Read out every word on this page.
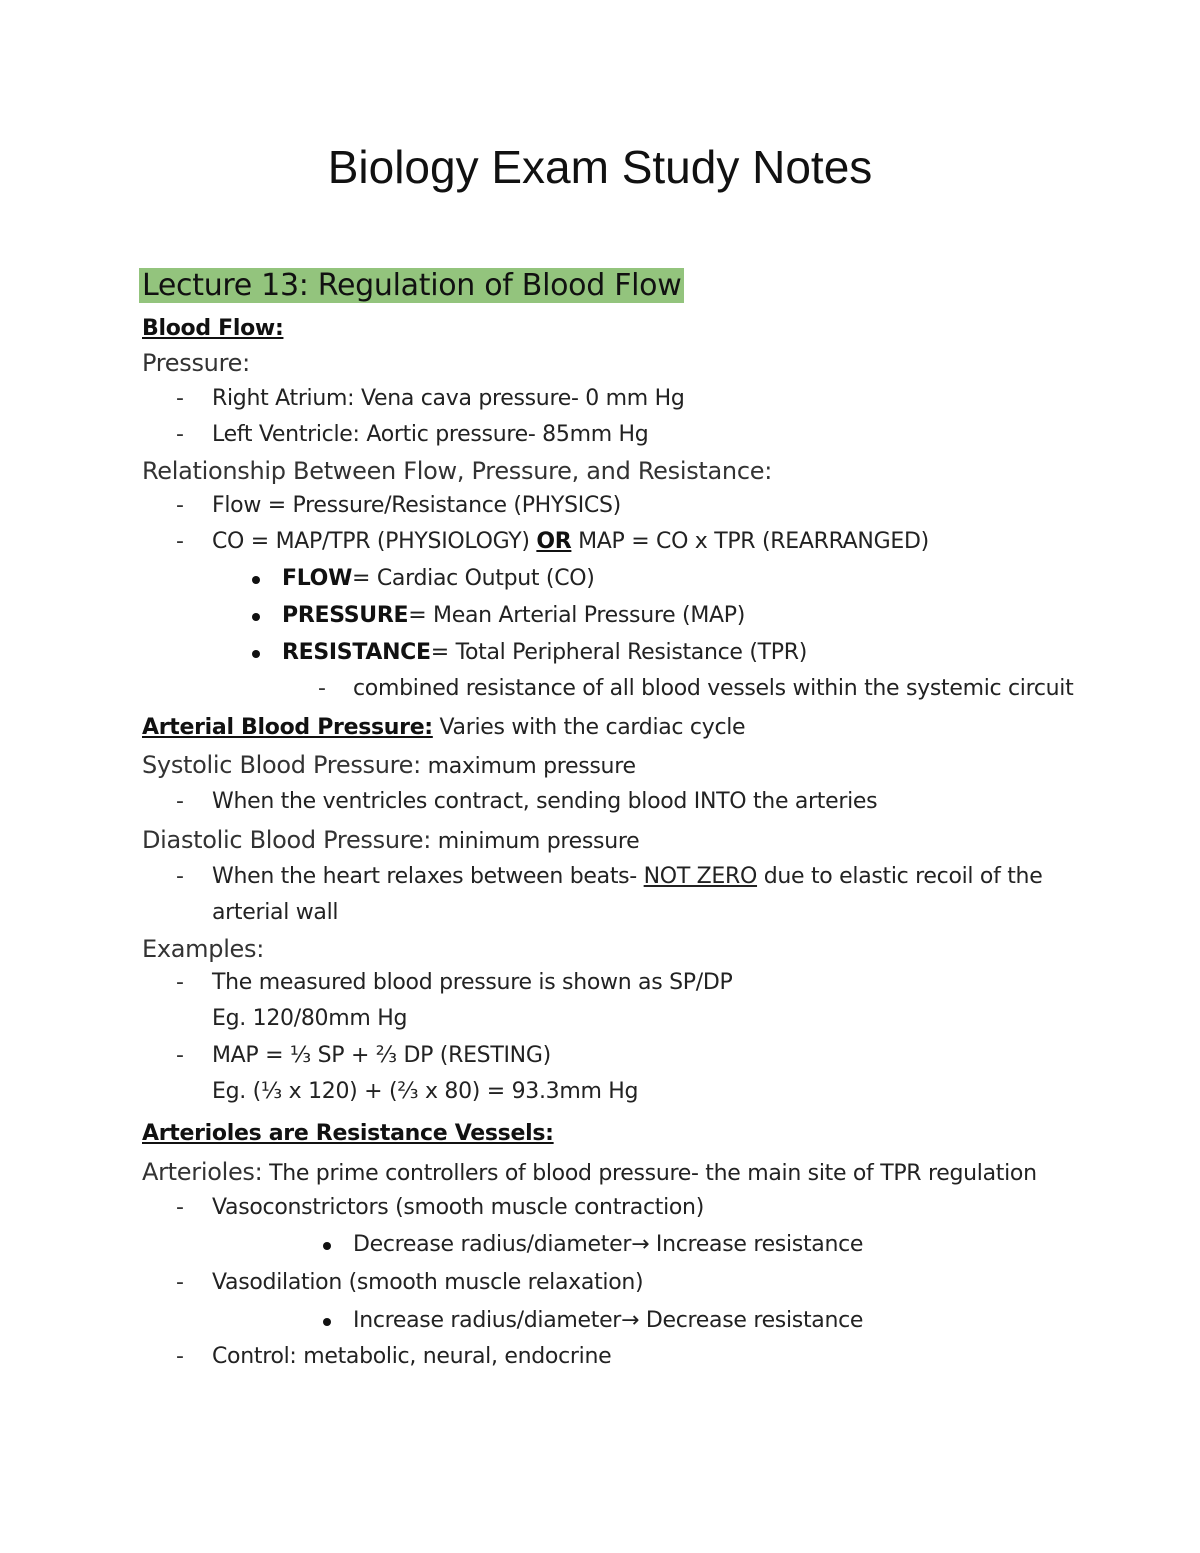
Biology Exam Study Notes
Lecture 13: Regulation of Blood Flow
Blood Flow:
Pressure:
- Right Atrium: Vena cava pressure- 0 mm Hg
- Left Ventricle: Aortic pressure- 85mm Hg
Relationship Between Flow, Pressure, and Resistance:
- Flow = Pressure/Resistance (PHYSICS)
- CO = MAP/TPR (PHYSIOLOGY) OR MAP = CO x TPR (REARRANGED)
FLOW= Cardiac Output (CO)
PRESSURE= Mean Arterial Pressure (MAP)
RESISTANCE= Total Peripheral Resistance (TPR)
- combined resistance of all blood vessels within the systemic circuit
Arterial Blood Pressure: Varies with the cardiac cycle
Systolic Blood Pressure: maximum pressure
- When the ventricles contract, sending blood INTO the arteries
Diastolic Blood Pressure: minimum pressure
- When the heart relaxes between beats- NOT ZERO due to elastic recoil of the
arterial wall
Examples:
- The measured blood pressure is shown as SP/DP
Eg. 120/80mm Hg
- MAP = ⅓ SP + ⅔ DP (RESTING)
Eg. (⅓ x 120) + (⅔ x 80) = 93.3mm Hg
Arterioles are Resistance Vessels:
Arterioles: The prime controllers of blood pressure- the main site of TPR regulation
- Vasoconstrictors (smooth muscle contraction)
Decrease radius/diameter→ Increase resistance
- Vasodilation (smooth muscle relaxation)
Increase radius/diameter→ Decrease resistance
- Control: metabolic, neural, endocrine
